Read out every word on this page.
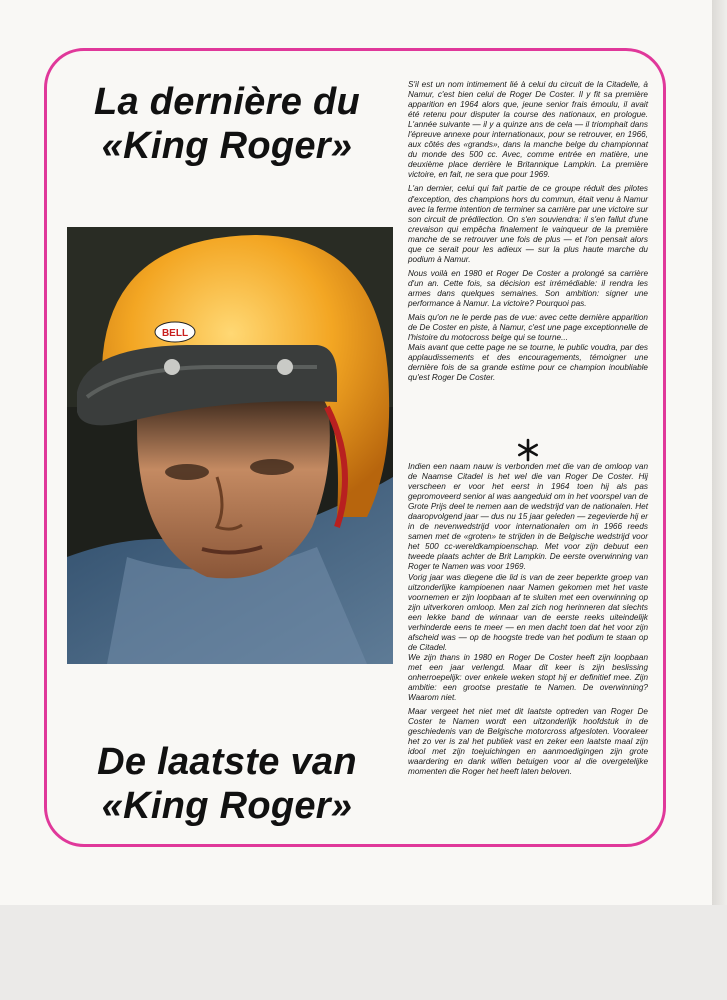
La dernière du
«King Roger»
BELL
De laatste van
«King Roger»

S'il est un nom intimement lié à celui du circuit de la Citadelle, à Namur, c'est bien celui de Roger De Coster. Il y fit sa première apparition en 1964 alors que, jeune senior frais émoulu, il avait été retenu pour disputer la course des nationaux, en prologue. L'année suivante — il y a quinze ans de cela — il triomphait dans l'épreuve annexe pour internationaux, pour se retrouver, en 1966, aux côtés des «grands», dans la manche belge du championnat du monde des 500 cc. Avec, comme entrée en matière, une deuxième place derrière le Britannique Lampkin. La première victoire, en fait, ne sera que pour 1969.

L'an dernier, celui qui fait partie de ce groupe réduit des pilotes d'exception, des champions hors du commun, était venu à Namur avec la ferme intention de terminer sa carrière par une victoire sur son circuit de prédilection. On s'en souviendra: il s'en fallut d'une crevaison qui empêcha finalement le vainqueur de la première manche de se retrouver une fois de plus — et l'on pensait alors que ce serait pour les adieux — sur la plus haute marche du podium à Namur.

Nous voilà en 1980 et Roger De Coster a prolongé sa carrière d'un an. Cette fois, sa décision est irrémédiable: il rendra les armes dans quelques semaines. Son ambition: signer une performance à Namur. La victoire? Pourquoi pas.

Mais qu'on ne le perde pas de vue: avec cette dernière apparition de De Coster en piste, à Namur, c'est une page exceptionnelle de l'histoire du motocross belge qui se tourne...

Mais avant que cette page ne se tourne, le public voudra, par des applaudissements et des encouragements, témoigner une dernière fois de sa grande estime pour ce champion inoubliable qu'est Roger De Coster.

Indien een naam nauw is verbonden met die van de omloop van de Naamse Citadel is het wel die van Roger De Coster. Hij verscheen er voor het eerst in 1964 toen hij als pas gepromoveerd senior al was aangeduid om in het voorspel van de Grote Prijs deel te nemen aan de wedstrijd van de nationalen. Het daaropvolgend jaar — dus nu 15 jaar geleden — zegevierde hij er in de nevenwedstrijd voor internationalen om in 1966 reeds samen met de «groten» te strijden in de Belgische wedstrijd voor het 500 cc-wereldkampioenschap. Met voor zijn debuut een tweede plaats achter de Brit Lampkin. De eerste overwinning van Roger te Namen was voor 1969.

Vorig jaar was diegene die lid is van de zeer beperkte groep van uitzonderlijke kampioenen naar Namen gekomen met het vaste voornemen er zijn loopbaan af te sluiten met een overwinning op zijn uitverkoren omloop. Men zal zich nog herinneren dat slechts een lekke band de winnaar van de eerste reeks uiteindelijk verhinderde eens te meer — en men dacht toen dat het voor zijn afscheid was — op de hoogste trede van het podium te staan op de Citadel.

We zijn thans in 1980 en Roger De Coster heeft zijn loopbaan met een jaar verlengd. Maar dit keer is zijn beslissing onherroepelijk: over enkele weken stopt hij er definitief mee. Zijn ambitie: een grootse prestatie te Namen. De overwinning? Waarom niet.

Maar vergeet het niet met dit laatste optreden van Roger De Coster te Namen wordt een uitzonderlijk hoofdstuk in de geschiedenis van de Belgische motorcross afgesloten. Vooraleer het zo ver is zal het publiek vast en zeker een laatste maal zijn idool met zijn toejuichingen en aanmoedigingen zijn grote waardering en dank willen betuigen voor al die overgetelijke momenten die Roger het heeft laten beloven.
